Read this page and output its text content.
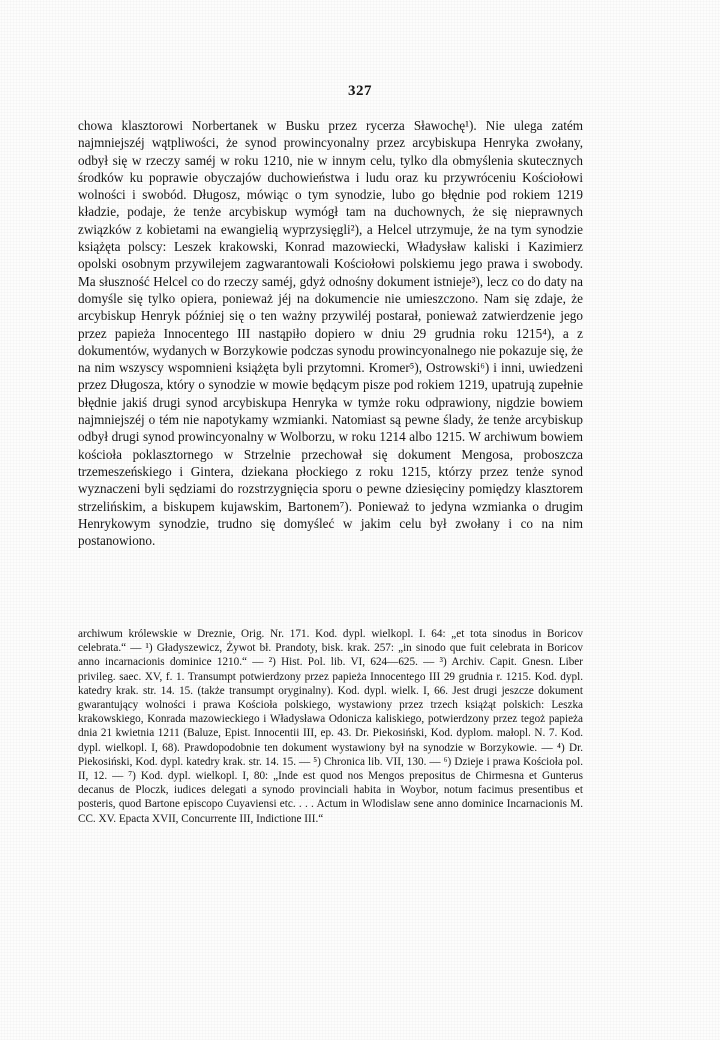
327

chowa klasztorowi Norbertanek w Busku przez rycerza Sławochę¹). Nie ulega zatém najmniejszéj wątpliwości, że synod prowincyonalny przez arcybiskupa Henryka zwołany, odbył się w rzeczy saméj w roku 1210, nie w innym celu, tylko dla obmyślenia skutecznych środków ku poprawie obyczajów duchowieństwa i ludu oraz ku przywróceniu Kościołowi wolności i swobód. Długosz, mówiąc o tym synodzie, lubo go błędnie pod rokiem 1219 kładzie, podaje, że tenże arcybiskup wymógł tam na duchownych, że się nieprawnych związków z kobietami na ewangielią wyprzysięgli²), a Helcel utrzymuje, że na tym synodzie książęta polscy: Leszek krakowski, Konrad mazowiecki, Władysław kaliski i Kazimierz opolski osobnym przywilejem zagwarantowali Kościołowi polskiemu jego prawa i swobody. Ma słuszność Helcel co do rzeczy saméj, gdyż odnośny dokument istnieje³), lecz co do daty na domyśle się tylko opiera, ponieważ jéj na dokumencie nie umieszczono. Nam się zdaje, że arcybiskup Henryk później się o ten ważny przywiléj postarał, ponieważ zatwierdzenie jego przez papieża Innocentego III nastąpiło dopiero w dniu 29 grudnia roku 1215⁴), a z dokumentów, wydanych w Borzykowie podczas synodu prowincyonalnego nie pokazuje się, że na nim wszyscy wspomnieni książęta byli przytomni. Kromer⁵), Ostrowski⁶) i inni, uwiedzeni przez Długosza, który o synodzie w mowie będącym pisze pod rokiem 1219, upatrują zupełnie błędnie jakiś drugi synod arcybiskupa Henryka w tymże roku odprawiony, nigdzie bowiem najmniejszéj o tém nie napotykamy wzmianki. Natomiast są pewne ślady, że tenże arcybiskup odbył drugi synod prowincyonalny w Wolborzu, w roku 1214 albo 1215. W archiwum bowiem kościoła poklasztornego w Strzelnie przechował się dokument Mengosa, proboszcza trzemeszeńskiego i Gintera, dziekana płockiego z roku 1215, którzy przez tenże synod wyznaczeni byli sędziami do rozstrzygnięcia sporu o pewne dziesięciny pomiędzy klasztorem strzelińskim, a biskupem kujawskim, Bartonem⁷). Ponieważ to jedyna wzmianka o drugim Henrykowym synodzie, trudno się domyśleć w jakim celu był zwołany i co na nim postanowiono.

archiwum królewskie w Dreznie, Orig. Nr. 171. Kod. dypl. wielkopl. I. 64: „et tota sinodus in Boricov celebrata.“ — ¹) Gładyszewicz, Żywot bł. Prandoty, bisk. krak. 257: „in sinodo que fuit celebrata in Boricov anno incarnacionis dominice 1210.“ — ²) Hist. Pol. lib. VI, 624—625. — ³) Archiv. Capit. Gnesn. Liber privileg. saec. XV, f. 1. Transumpt potwierdzony przez papieża Innocentego III 29 grudnia r. 1215. Kod. dypl. katedry krak. str. 14. 15. (także transumpt oryginalny). Kod. dypl. wielk. I, 66. Jest drugi jeszcze dokument gwarantujący wolności i prawa Kościoła polskiego, wystawiony przez trzech książąt polskich: Leszka krakowskiego, Konrada mazowieckiego i Władysława Odonicza kaliskiego, potwierdzony przez tegoż papieża dnia 21 kwietnia 1211 (Baluze, Epist. Innocentii III, ep. 43. Dr. Piekosiński, Kod. dyplom. małopl. N. 7. Kod. dypl. wielkopl. I, 68). Prawdopodobnie ten dokument wystawiony był na synodzie w Borzykowie. — ⁴) Dr. Piekosiński, Kod. dypl. katedry krak. str. 14. 15. — ⁵) Chronica lib. VII, 130. — ⁶) Dzieje i prawa Kościoła pol. II, 12. — ⁷) Kod. dypl. wielkopl. I, 80: „Inde est quod nos Mengos prepositus de Chirmesna et Gunterus decanus de Ploczk, iudices delegati a synodo provinciali habita in Woybor, notum facimus presentibus et posteris, quod Bartone episcopo Cuyaviensi etc. . . . Actum in Wlodislaw sene anno dominice Incarnacionis M. CC. XV. Epacta XVII, Concurrente III, Indictione III.“
